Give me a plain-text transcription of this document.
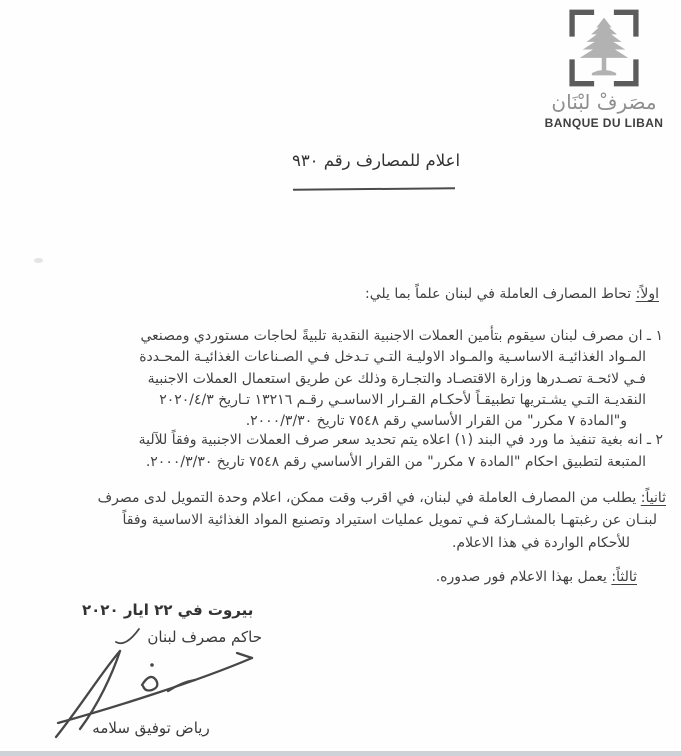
مصَرفْ لبْنَان
BANQUE DU LIBAN
اعلام للمصارف رقم ٩٣٠
اولاً: تحاط المصارف العاملة في لبنان علماً بما يلي:
١ ـ ان مصرف لبنان سيقوم بتأمين العملات الاجنبية النقدية تلبيةً لحاجات مستوردي ومصنعي
المـواد الغذائيـة الاساسـية والمـواد الاوليـة التـي تـدخل فـي الصـناعات الغذائيـة المحـددة
فـي لائحـة تصـدرها وزارة الاقتصـاد والتجـارة وذلك عن طريق استعمال العملات الاجنبية
النقديـة التـي يشـتريها تطبيقـاً لأحكـام القـرار الاساسـي رقـم ١٣٢١٦ تـاريخ ٢٠٢٠/٤/٣
و"المادة ٧ مكرر" من القرار الأساسي رقم ٧٥٤٨ تاريخ ٢٠٠٠/٣/٣٠.
٢ ـ انه بغية تنفيذ ما ورد في البند (١) اعلاه يتم تحديد سعر صرف العملات الاجنبية وفقاً للآلية
المتبعة لتطبيق احكام "المادة ٧ مكرر" من القرار الأساسي رقم ٧٥٤٨ تاريخ ٢٠٠٠/٣/٣٠.
ثانياً: يطلب من المصارف العاملة في لبنان، في اقرب وقت ممكن، اعلام وحدة التمويل لدى مصرف
لبنـان عن رغبتهـا بالمشـاركة فـي تمويل عمليات استيراد وتصنيع المواد الغذائية الاساسية وفقاً
للأحكام الواردة في هذا الاعلام.
ثالثاً: يعمل بهذا الاعلام فور صدوره.
بيروت في ٢٢ ايار ٢٠٢٠
حاكم مصرف لبنان
رياض توفيق سلامه
